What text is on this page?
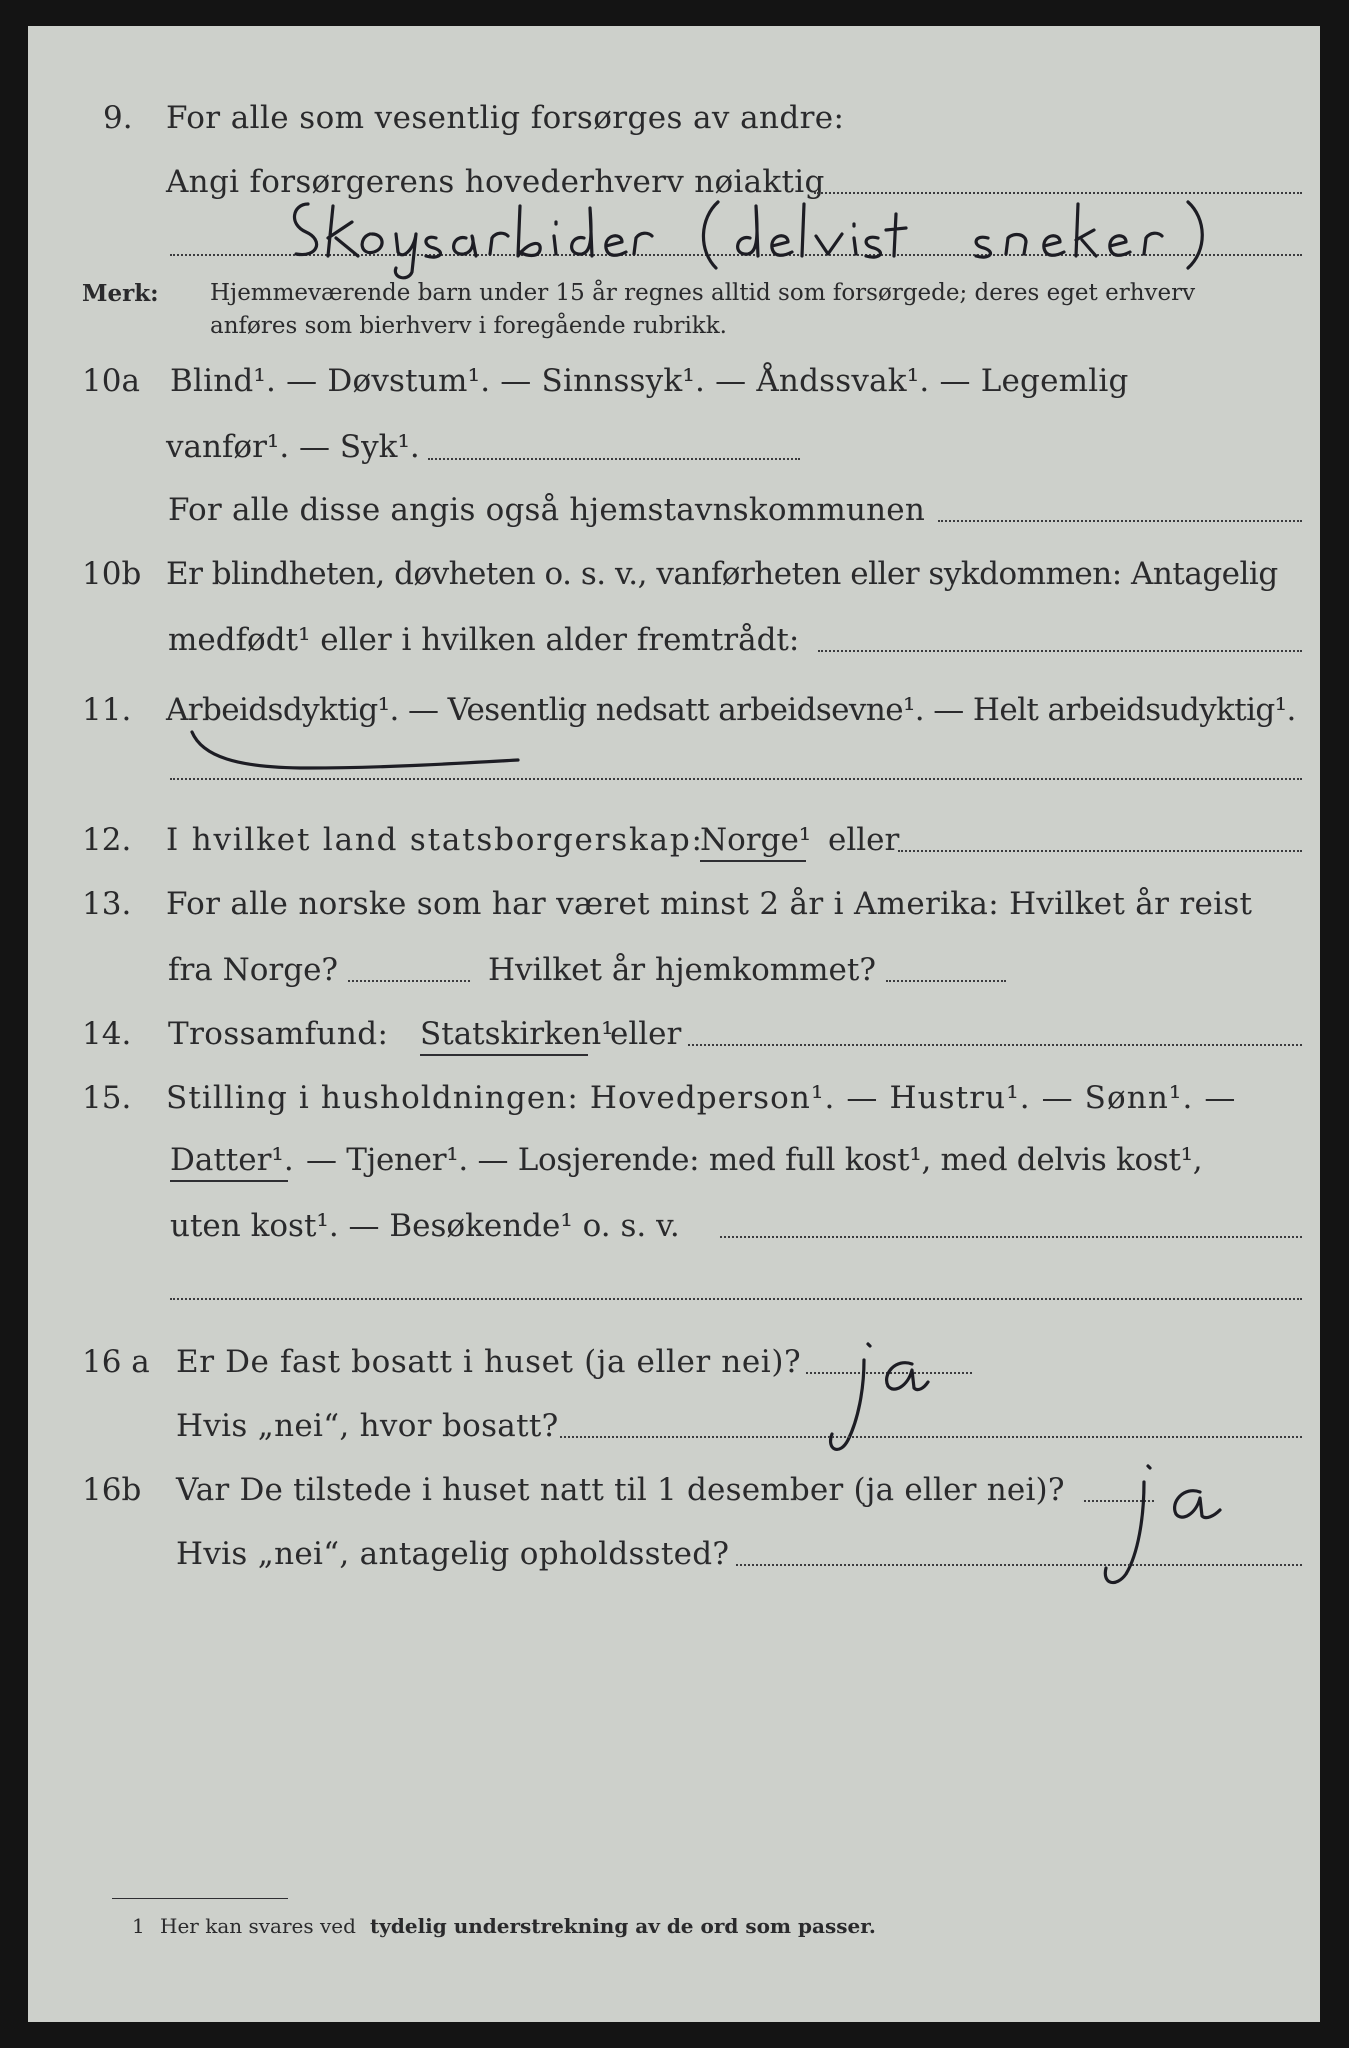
9. For alle som vesentlig forsørges av andre:
Angi forsørgerens hovederhverv nøiaktig
Merk: Hjemmeværende barn under 15 år regnes alltid som forsørgede; deres eget erhverv
anføres som bierhverv i foregående rubrikk.
10a Blind¹. — Døvstum¹. — Sinnssyk¹. — Åndssvak¹. — Legemlig
vanfør¹. — Syk¹.
For alle disse angis også hjemstavnskommunen
10b Er blindheten, døvheten o. s. v., vanførheten eller sykdommen: Antagelig
medfødt¹ eller i hvilken alder fremtrådt:
11. Arbeidsdyktig¹. — Vesentlig nedsatt arbeidsevne¹. — Helt arbeidsudyktig¹.
12. I hvilket land statsborgerskap:
Norge¹ eller
13. For alle norske som har været minst 2 år i Amerika: Hvilket år reist
fra Norge?	Hvilket år hjemkommet?
14. Trossamfund: Statskirken¹
eller
15. Stilling i husholdningen: Hovedperson¹. — Hustru¹. — Sønn¹. —
Datter¹. — Tjener¹. — Losjerende: med full kost¹, med delvis kost¹,
uten kost¹. — Besøkende¹ o. s. v.
16 a Er De fast bosatt i huset (ja eller nei)?
Hvis „nei“, hvor bosatt?
16b Var De tilstede i huset natt til 1 desember (ja eller nei)?
Hvis „nei“, antagelig opholdssted?
1 Her kan svares ved tydelig understrekning av de ord som passer.
